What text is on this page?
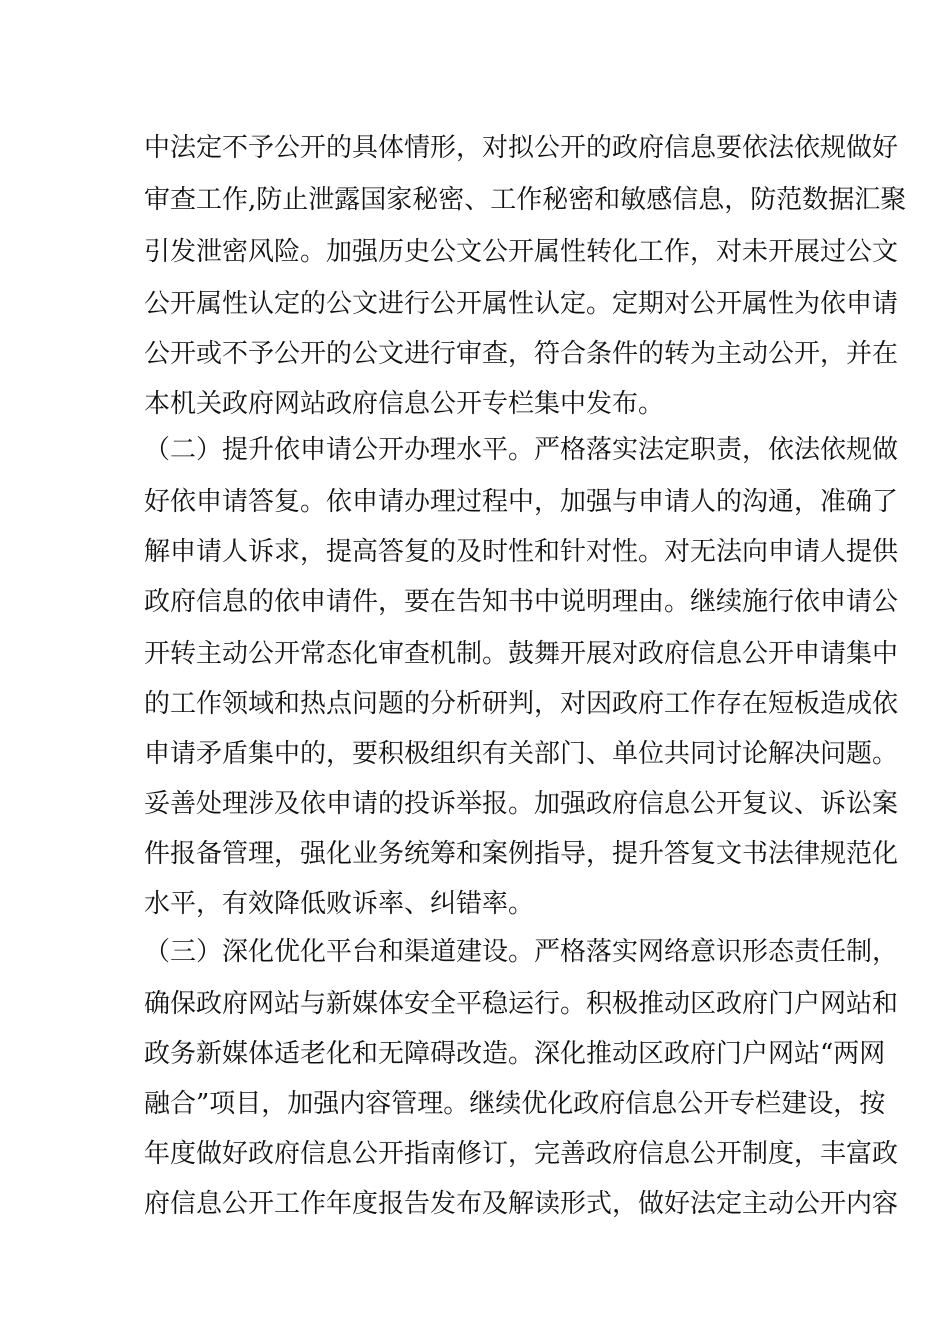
中法定不予公开的具体情形，对拟公开的政府信息要依法依规做好
审查工作,防止泄露国家秘密、工作秘密和敏感信息，防范数据汇聚
引发泄密风险。加强历史公文公开属性转化工作，对未开展过公文
公开属性认定的公文进行公开属性认定。定期对公开属性为依申请
公开或不予公开的公文进行审查，符合条件的转为主动公开，并在
本机关政府网站政府信息公开专栏集中发布。
（二）提升依申请公开办理水平。严格落实法定职责，依法依规做
好依申请答复。依申请办理过程中，加强与申请人的沟通，准确了
解申请人诉求，提高答复的及时性和针对性。对无法向申请人提供
政府信息的依申请件，要在告知书中说明理由。继续施行依申请公
开转主动公开常态化审查机制。鼓舞开展对政府信息公开申请集中
的工作领域和热点问题的分析研判，对因政府工作存在短板造成依
申请矛盾集中的，要积极组织有关部门、单位共同讨论解决问题。
妥善处理涉及依申请的投诉举报。加强政府信息公开复议、诉讼案
件报备管理，强化业务统筹和案例指导，提升答复文书法律规范化
水平，有效降低败诉率、纠错率。
（三）深化优化平台和渠道建设。严格落实网络意识形态责任制，
确保政府网站与新媒体安全平稳运行。积极推动区政府门户网站和
政务新媒体适老化和无障碍改造。深化推动区政府门户网站“两网
融合”项目，加强内容管理。继续优化政府信息公开专栏建设，按
年度做好政府信息公开指南修订，完善政府信息公开制度，丰富政
府信息公开工作年度报告发布及解读形式，做好法定主动公开内容
